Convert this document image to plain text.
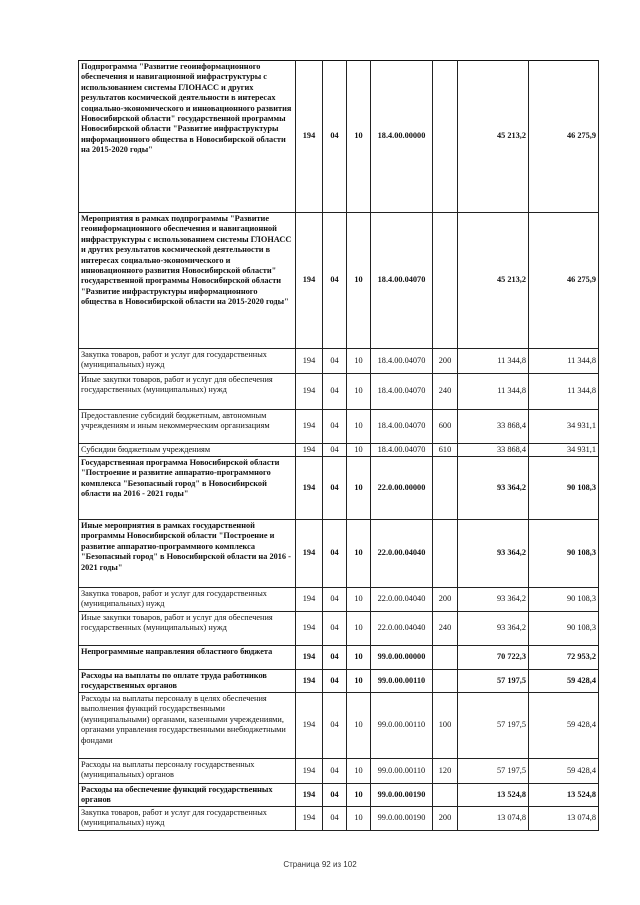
Подпрограмма "Развитие геоинформационного обеспечения и навигационной инфраструктуры с использованием системы ГЛОНАСС и других результатов космической деятельности в интересах социально-экономического и инновационного развития Новосибирской области" государственной программы Новосибирской области "Развитие инфраструктуры информационного общества в Новосибирской области на 2015-2020 годы"	194	04	10	18.4.00.00000		45 213,2	46 275,9
Мероприятия в рамках подпрограммы "Развитие геоинформационного обеспечения и навигационной инфраструктуры с использованием системы ГЛОНАСС и других результатов космической деятельности в интересах социально-экономического и инновационного развития Новосибирской области" государственной программы Новосибирской области "Развитие инфраструктуры информационного общества в Новосибирской области на 2015-2020 годы"	194	04	10	18.4.00.04070		45 213,2	46 275,9
Закупка товаров, работ и услуг для государственных (муниципальных) нужд	194	04	10	18.4.00.04070	200	11 344,8	11 344,8
Иные закупки товаров, работ и услуг для обеспечения государственных (муниципальных) нужд	194	04	10	18.4.00.04070	240	11 344,8	11 344,8
Предоставление субсидий бюджетным, автономным учреждениям и иным некоммерческим организациям	194	04	10	18.4.00.04070	600	33 868,4	34 931,1
Субсидии бюджетным учреждениям	194	04	10	18.4.00.04070	610	33 868,4	34 931,1
Государственная программа Новосибирской области "Построение и развитие аппаратно-программного комплекса "Безопасный город" в Новосибирской области на 2016 - 2021 годы"	194	04	10	22.0.00.00000		93 364,2	90 108,3
Иные мероприятия в рамках государственной программы Новосибирской области "Построение и развитие аппаратно-программного комплекса "Безопасный город" в Новосибирской области на 2016 - 2021 годы"	194	04	10	22.0.00.04040		93 364,2	90 108,3
Закупка товаров, работ и услуг для государственных (муниципальных) нужд	194	04	10	22.0.00.04040	200	93 364,2	90 108,3
Иные закупки товаров, работ и услуг для обеспечения государственных (муниципальных) нужд	194	04	10	22.0.00.04040	240	93 364,2	90 108,3
Непрограммные направления областного бюджета	194	04	10	99.0.00.00000		70 722,3	72 953,2
Расходы на выплаты по оплате труда работников государственных органов	194	04	10	99.0.00.00110		57 197,5	59 428,4
Расходы на выплаты персоналу в целях обеспечения выполнения функций государственными (муниципальными) органами, казенными учреждениями, органами управления государственными внебюджетными фондами	194	04	10	99.0.00.00110	100	57 197,5	59 428,4
Расходы на выплаты персоналу государственных (муниципальных) органов	194	04	10	99.0.00.00110	120	57 197,5	59 428,4
Расходы на обеспечение функций государственных органов	194	04	10	99.0.00.00190		13 524,8	13 524,8
Закупка товаров, работ и услуг для государственных (муниципальных) нужд	194	04	10	99.0.00.00190	200	13 074,8	13 074,8
Страница 92 из 102
